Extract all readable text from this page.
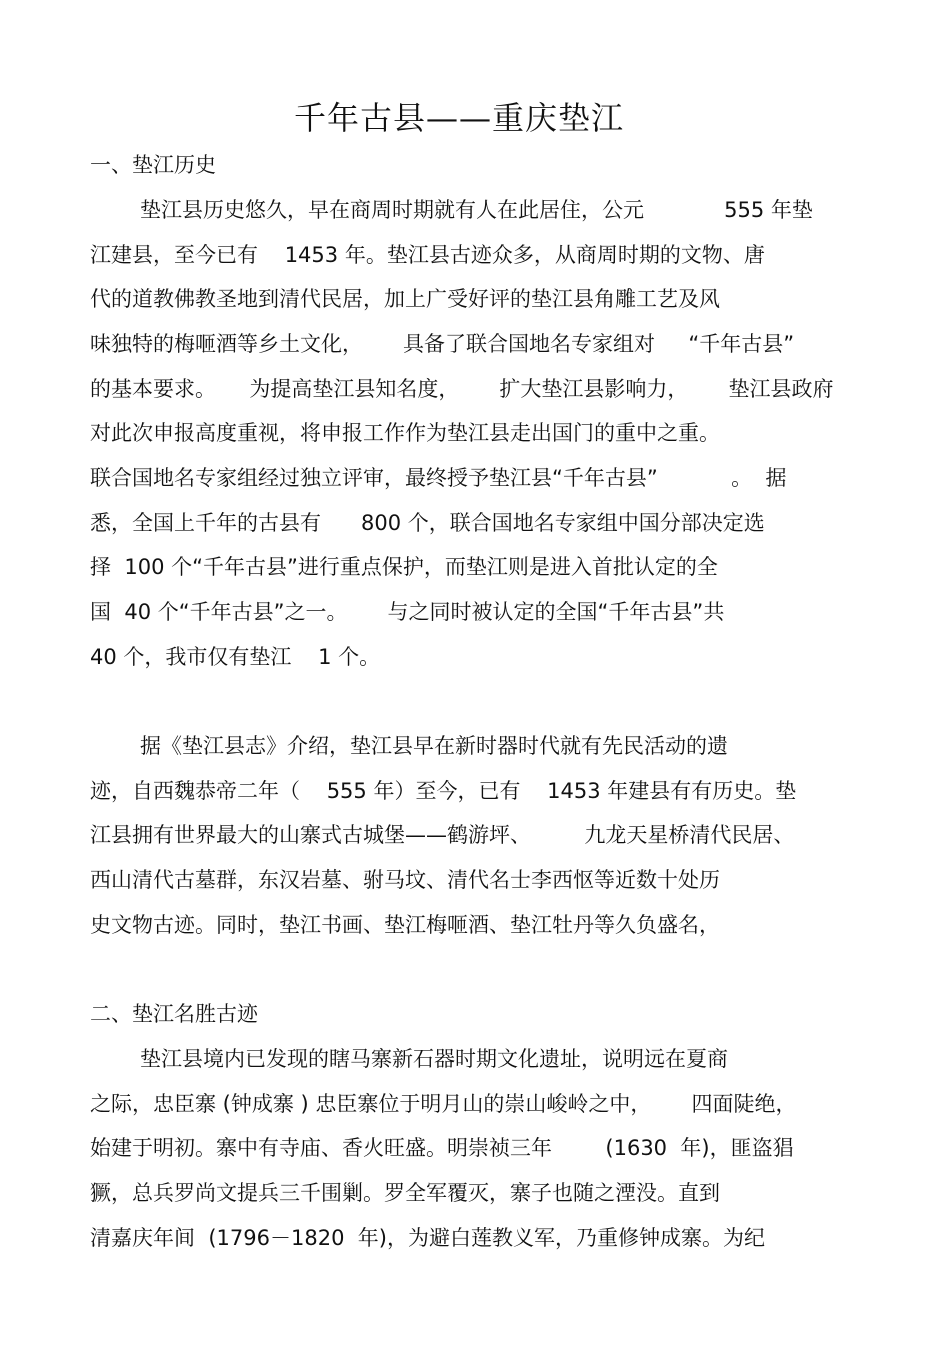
千年古县——重庆垫江
一、垫江历史
垫江县历史悠久，早在商周时期就有人在此居住，公元            555 年垫
江建县，至今已有    1453 年。垫江县古迹众多，从商周时期的文物、唐
代的道教佛教圣地到清代民居，加上广受好评的垫江县角雕工艺及风
味独特的梅咂酒等乡土文化，      具备了联合国地名专家组对     “千年古县”
的基本要求。     为提高垫江县知名度，      扩大垫江县影响力，      垫江县政府
对此次申报高度重视，将申报工作作为垫江县走出国门的重中之重。
联合国地名专家组经过独立评审，最终授予垫江县“千年古县”           。  据
悉，全国上千年的古县有      800 个，联合国地名专家组中国分部决定选
择  100 个“千年古县”进行重点保护，而垫江则是进入首批认定的全
国  40 个“千年古县”之一。      与之同时被认定的全国“千年古县”共
40 个，我市仅有垫江    1 个。
据《垫江县志》介绍，垫江县早在新时器时代就有先民活动的遗
迹，自西魏恭帝二年（    555 年）至今，已有    1453 年建县有有历史。垫
江县拥有世界最大的山寨式古城堡——鹤游坪、        九龙天星桥清代民居、
西山清代古墓群，东汉岩墓、驸马坟、清代名士李西怄等近数十处历
史文物古迹。同时，垫江书画、垫江梅咂酒、垫江牡丹等久负盛名，
二、垫江名胜古迹
垫江县境内已发现的瞎马寨新石器时期文化遗址，说明远在夏商
之际，忠臣寨 (钟成寨 ) 忠臣寨位于明月山的崇山峻岭之中，      四面陡绝，
始建于明初。寨中有寺庙、香火旺盛。明崇祯三年        (1630  年)，匪盗猖
獗，总兵罗尚文提兵三千围剿。罗全军覆灭，寨子也随之湮没。直到
清嘉庆年间  (1796－1820  年)，为避白莲教义军，乃重修钟成寨。为纪
